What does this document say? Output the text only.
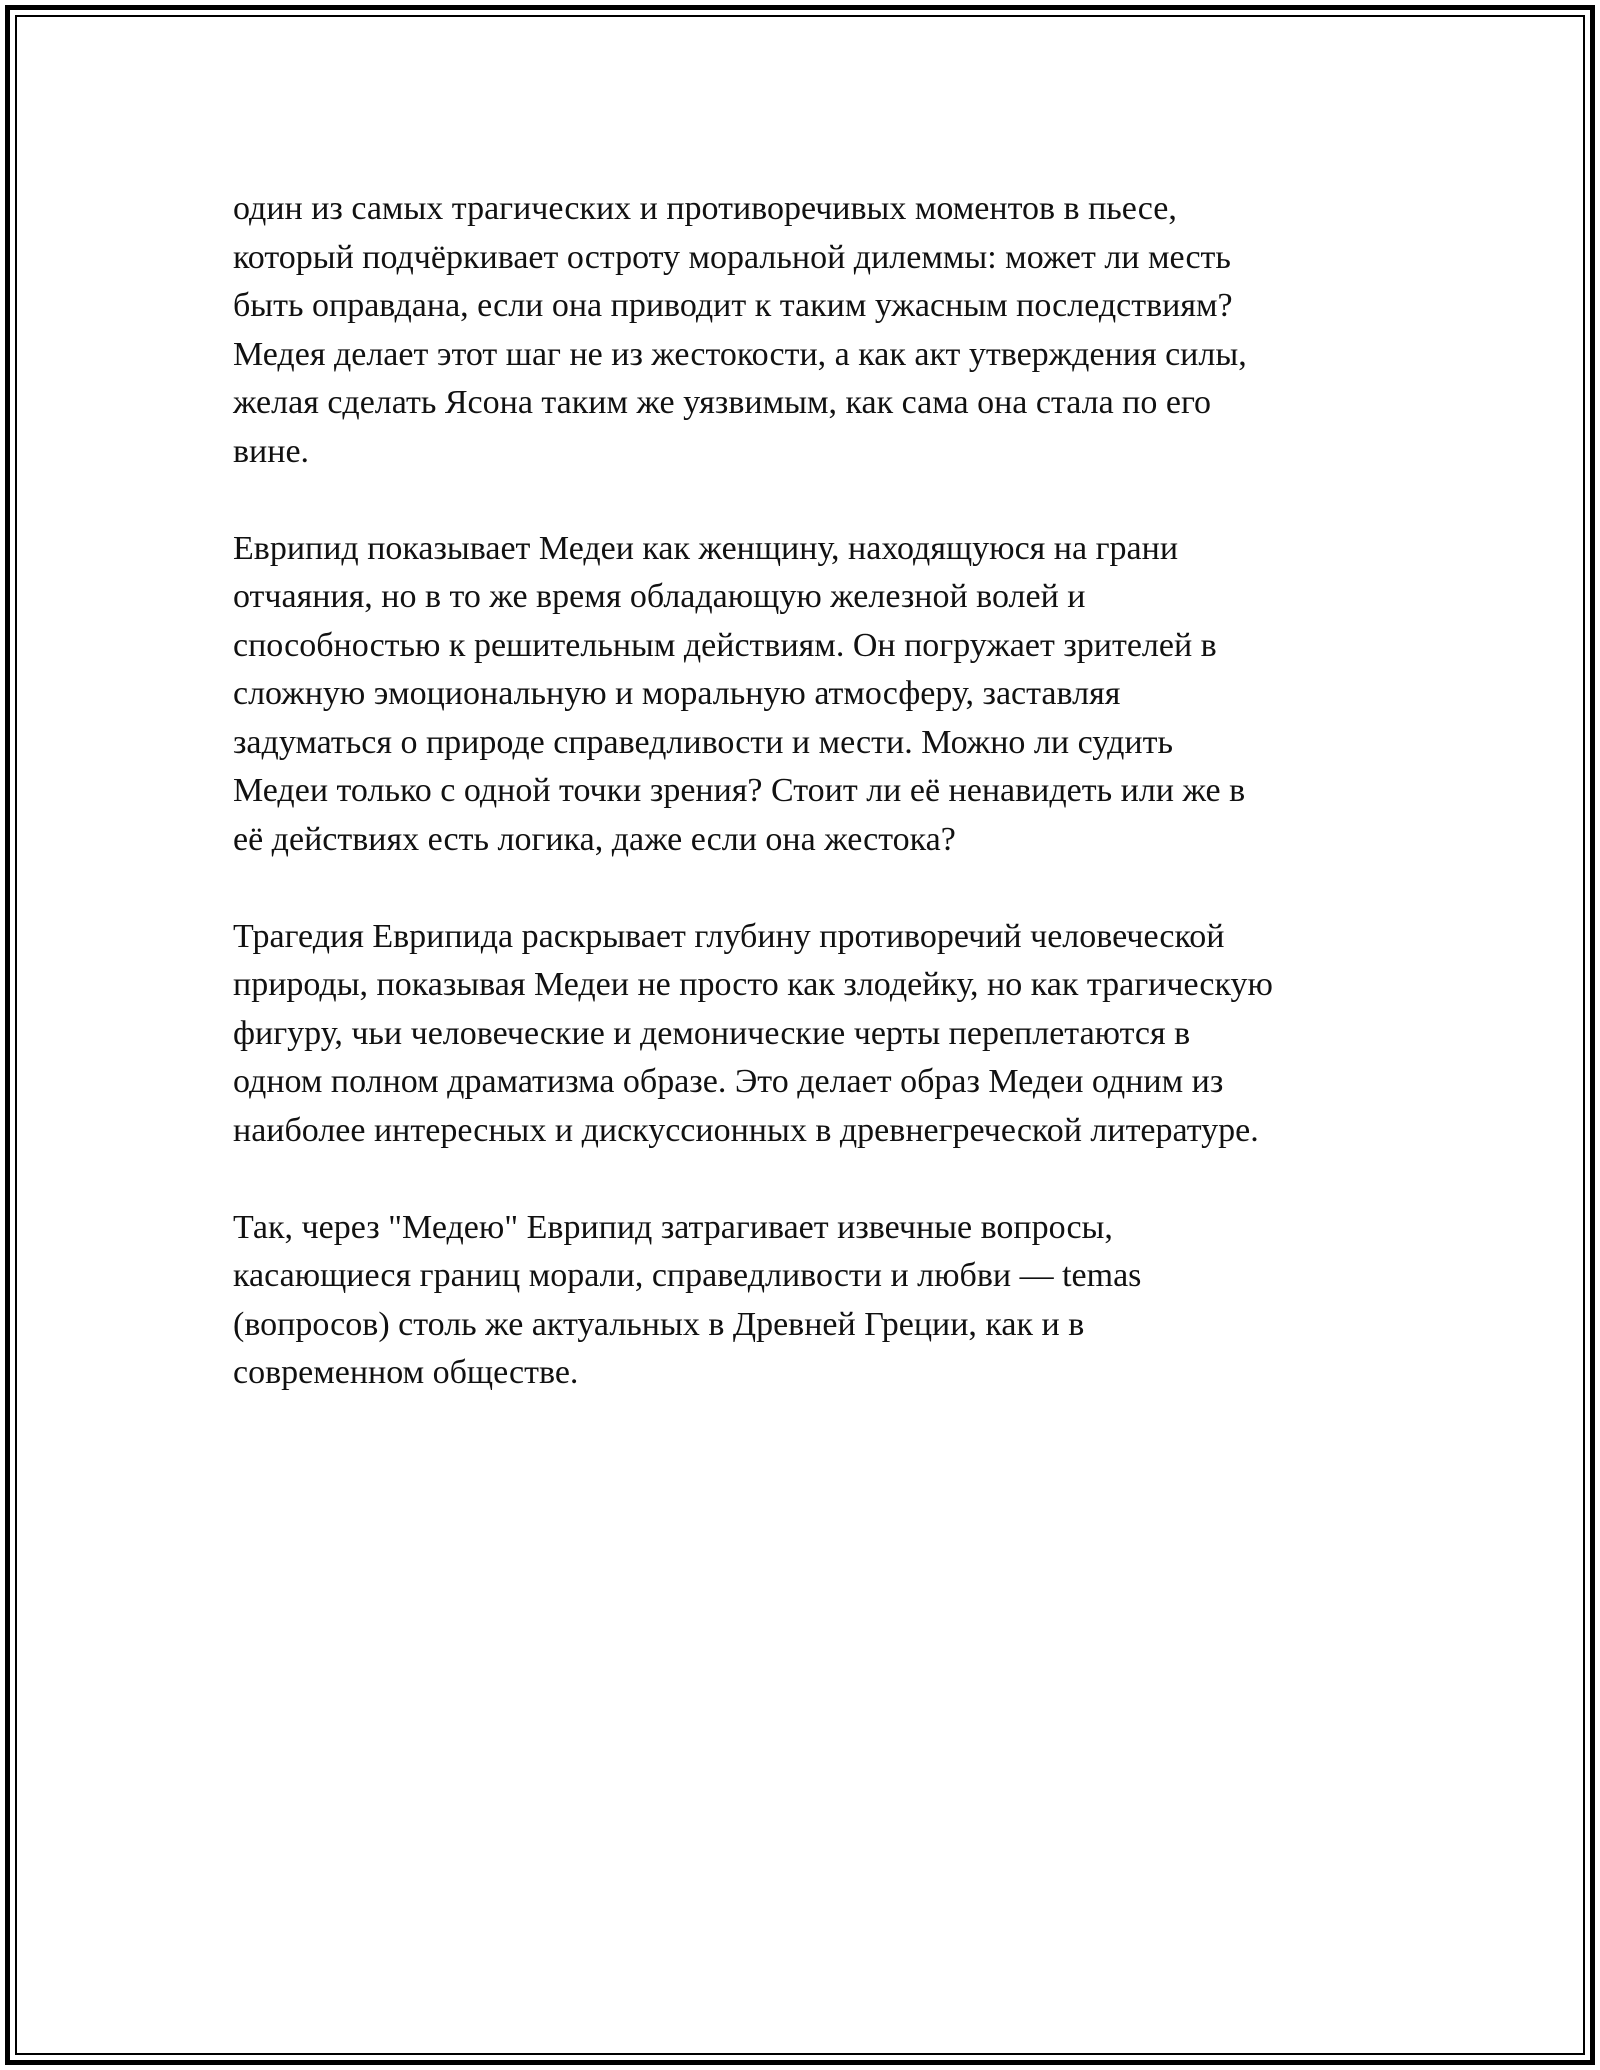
один из самых трагических и противоречивых моментов в пьесе,
который подчёркивает остроту моральной дилеммы: может ли месть
быть оправдана, если она приводит к таким ужасным последствиям?
Медея делает этот шаг не из жестокости, а как акт утверждения силы,
желая сделать Ясона таким же уязвимым, как сама она стала по его
вине.

Еврипид показывает Медеи как женщину, находящуюся на грани
отчаяния, но в то же время обладающую железной волей и
способностью к решительным действиям. Он погружает зрителей в
сложную эмоциональную и моральную атмосферу, заставляя
задуматься о природе справедливости и мести. Можно ли судить
Медеи только с одной точки зрения? Стоит ли её ненавидеть или же в
её действиях есть логика, даже если она жестока?

Трагедия Еврипида раскрывает глубину противоречий человеческой
природы, показывая Медеи не просто как злодейку, но как трагическую
фигуру, чьи человеческие и демонические черты переплетаются в
одном полном драматизма образе. Это делает образ Медеи одним из
наиболее интересных и дискуссионных в древнегреческой литературе.

Так, через "Медею" Еврипид затрагивает извечные вопросы,
касающиеся границ морали, справедливости и любви — temas
(вопросов) столь же актуальных в Древней Греции, как и в
современном обществе.
